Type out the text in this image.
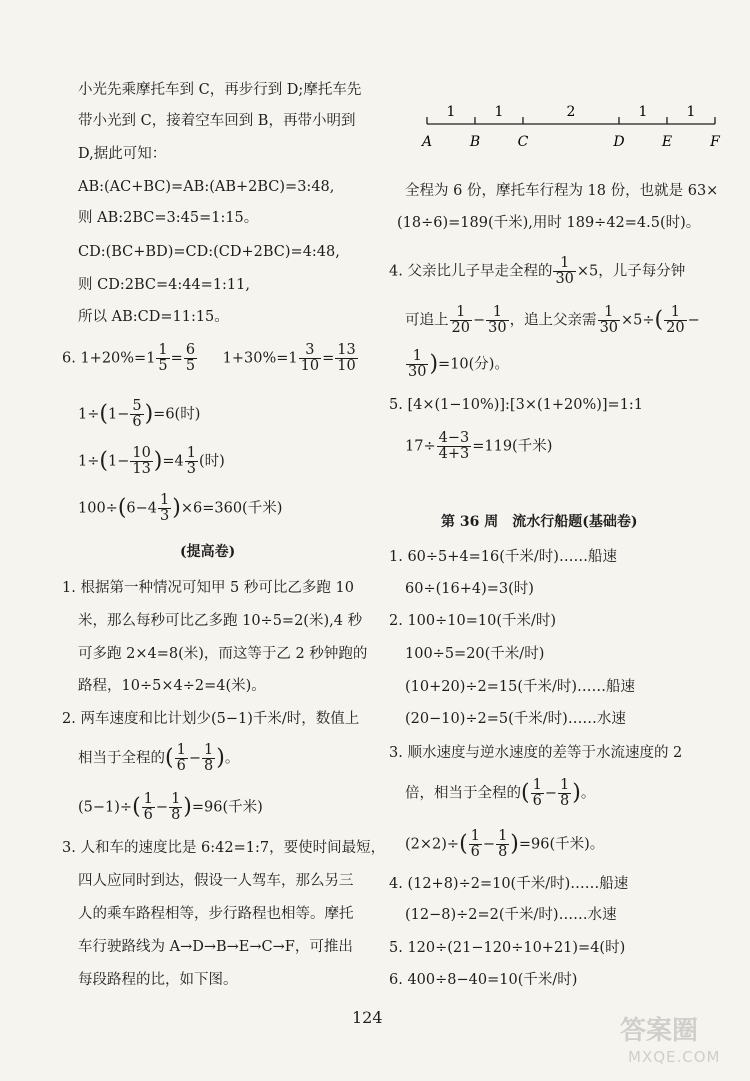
小光先乘摩托车到 C，再步行到 D;摩托车先
带小光到 C，接着空车回到 B，再带小明到
D,据此可知：
AB:(AC+BC)=AB:(AB+2BC)=3:48,
则 AB:2BC=3:45=1:15。
CD:(BC+BD)=CD:(CD+2BC)=4:48,
则 CD:2BC=4:44=1:11,
所以 AB:CD=11:15。
6. $1+20\%=1 \frac{1}{5} = \frac{6}{5} 1+30\%=1 \frac{3}{10} = \frac{13}{10}$
$1\div(1- \frac{5}{6} )=6$(时)
$1\div(1- \frac{10}{13} )=4 \frac{1}{3}$ (时)
$100\div(6-4 \frac{1}{3} )\times 6=360$(千米)
(提高卷)
1. 根据第一种情况可知甲 5 秒可比乙多跑 10
米，那么每秒可比乙多跑 10÷5=2(米),4 秒
可多跑 2×4=8(米)，而这等于乙 2 秒钟跑的
路程，10÷5×4÷2=4(米)。
2. 两车速度和比计划少(5−1)千米/时，数值上
相当于全程的( $\frac{1}{6} - \frac{1}{8}$ )。
$(5-1)\div( \frac{1}{6} - \frac{1}{8} )=96$(千米)
3. 人和车的速度比是 6:42=1:7，要使时间最短，
四人应同时到达，假设一人驾车，那么另三
人的乘车路程相等，步行路程也相等。摩托
车行驶路线为 A→D→B→E→C→F，可推出
每段路程的比，如下图。
1	1	2	1	1
A	B	C	D	E	F
全程为 6 份，摩托车行程为 18 份，也就是 63×
(18÷6)=189(千米),用时 189÷42=4.5(时)。
4. 父亲比儿子早走全程的 $\frac{1}{30} \times 5$，儿子每分钟
可追上 $\frac{1}{20} - \frac{1}{30}$ ，追上父亲需 $\frac{1}{30} \times 5\div( \frac{1}{20}$ −
$\frac{1}{30} )=10$(分)。
5. [4×(1−10%)]:[3×(1+20%)]=1:1
$17\div \frac{4-3}{4+3} =119$(千米)
第 36 周　流水行船题(基础卷)
1. 60÷5+4=16(千米/时)……船速
60÷(16+4)=3(时)
2. 100÷10=10(千米/时)
100÷5=20(千米/时)
(10+20)÷2=15(千米/时)……船速
(20−10)÷2=5(千米/时)……水速
3. 顺水速度与逆水速度的差等于水流速度的 2
倍，相当于全程的( $\frac{1}{6} - \frac{1}{8}$ )。
$(2\times 2)\div( \frac{1}{6} - \frac{1}{8} )=96$(千米)。
4. (12+8)÷2=10(千米/时)……船速
(12−8)÷2=2(千米/时)……水速
5. 120÷(21−120÷10+21)=4(时)
6. 400÷8−40=10(千米/时)
124	答案圈
MXQE.COM
